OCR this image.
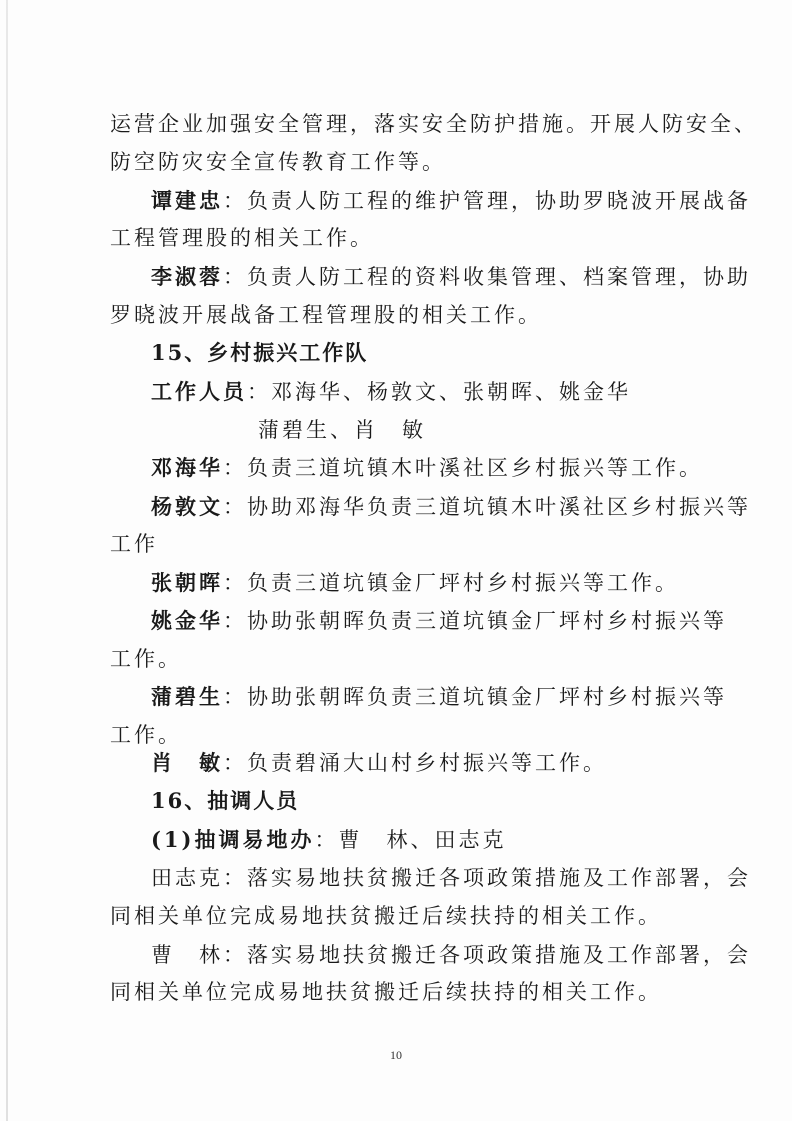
运营企业加强安全管理，落实安全防护措施。开展人防安全、
防空防灾安全宣传教育工作等。
谭建忠：负责人防工程的维护管理，协助罗晓波开展战备
工程管理股的相关工作。
李淑蓉：负责人防工程的资料收集管理、档案管理，协助
罗晓波开展战备工程管理股的相关工作。
15、乡村振兴工作队
工作人员：邓海华、杨敦文、张朝晖、姚金华
蒲碧生、肖　敏
邓海华：负责三道坑镇木叶溪社区乡村振兴等工作。
杨敦文：协助邓海华负责三道坑镇木叶溪社区乡村振兴等
工作
张朝晖：负责三道坑镇金厂坪村乡村振兴等工作。
姚金华：协助张朝晖负责三道坑镇金厂坪村乡村振兴等
工作。
蒲碧生：协助张朝晖负责三道坑镇金厂坪村乡村振兴等
工作。
肖　敏：负责碧涌大山村乡村振兴等工作。
16、抽调人员
(1)抽调易地办：曹　林、田志克
田志克：落实易地扶贫搬迁各项政策措施及工作部署，会
同相关单位完成易地扶贫搬迁后续扶持的相关工作。
曹　林：落实易地扶贫搬迁各项政策措施及工作部署，会
同相关单位完成易地扶贫搬迁后续扶持的相关工作。
10
